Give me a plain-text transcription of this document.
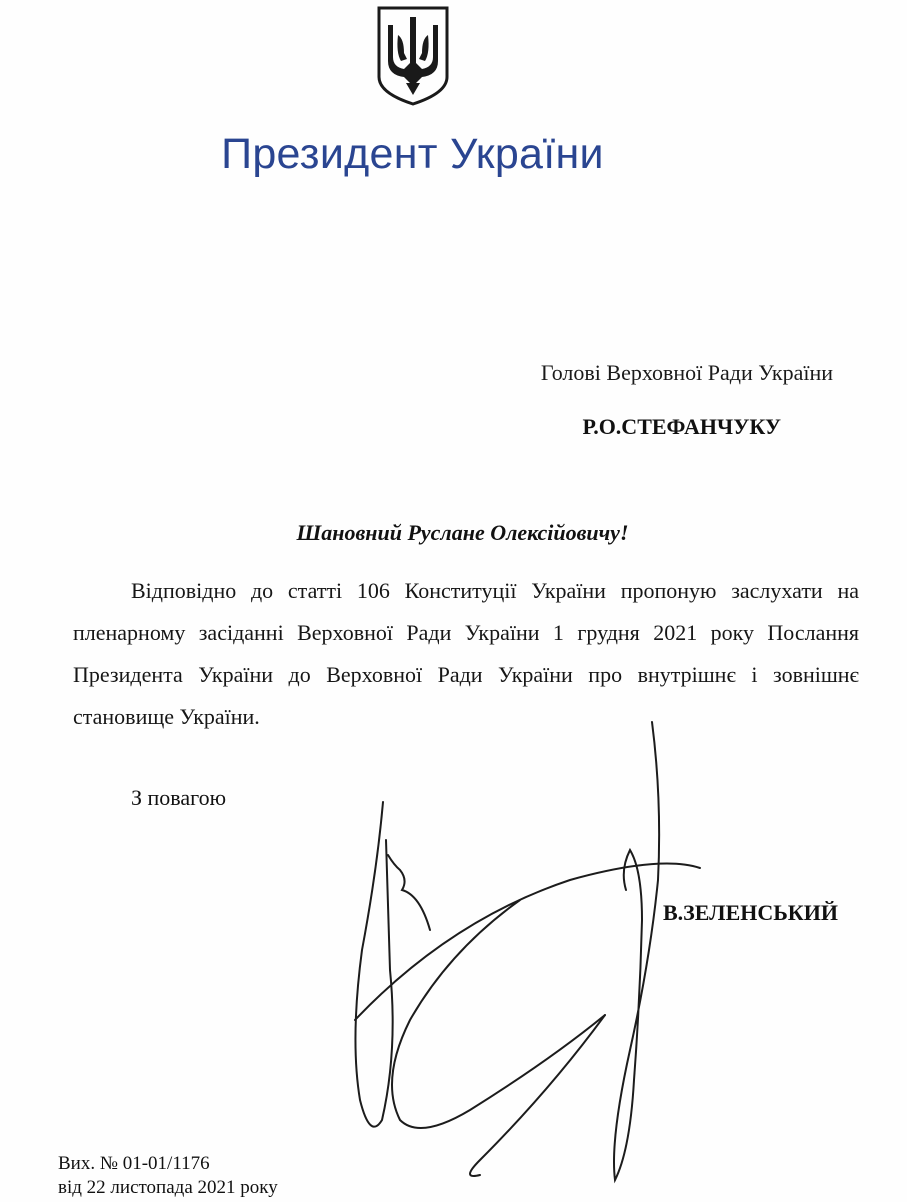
Президент України
Голові Верховної Ради України
Р.О.СТЕФАНЧУКУ
Шановний Руслане Олексійовичу!
Відповідно до статті 106 Конституції України пропоную заслухати на пленарному засіданні Верховної Ради України 1 грудня 2021 року Послання Президента України до Верховної Ради України про внутрішнє і зовнішнє становище України.
З повагою
В.ЗЕЛЕНСЬКИЙ
Вих. № 01-01/1176
від 22 листопада 2021 року
